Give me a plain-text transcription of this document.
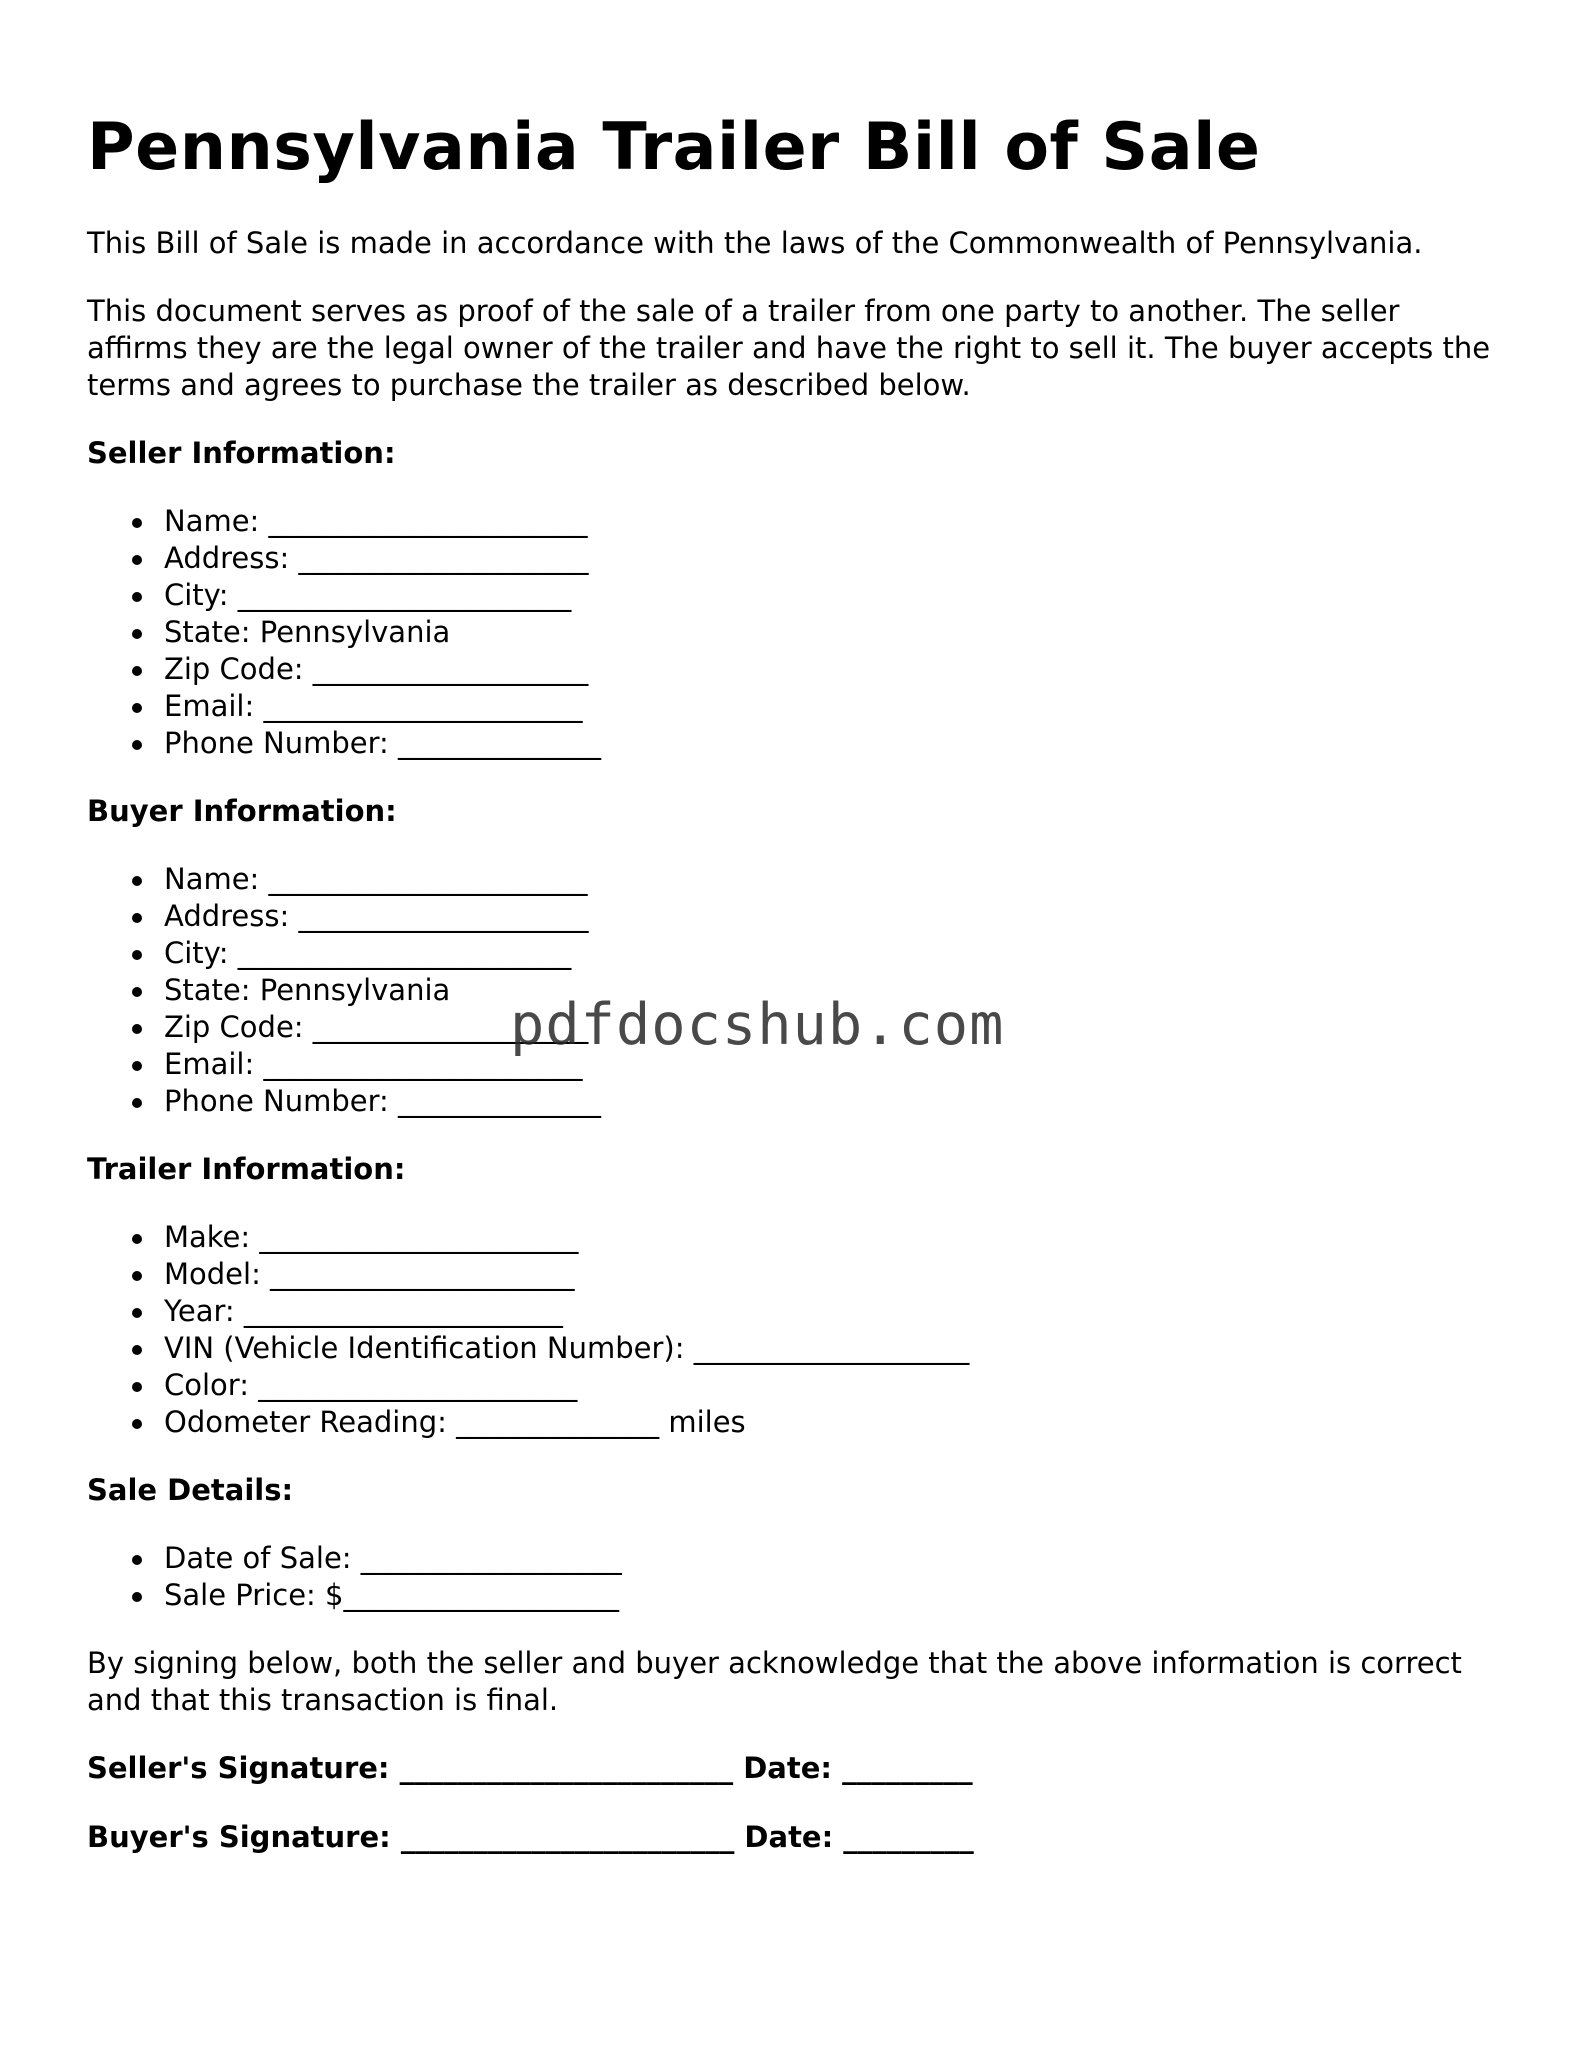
Pennsylvania Trailer Bill of Sale

This Bill of Sale is made in accordance with the laws of the Commonwealth of Pennsylvania.

This document serves as proof of the sale of a trailer from one party to another. The seller affirms they are the legal owner of the trailer and have the right to sell it. The buyer accepts the terms and agrees to purchase the trailer as described below.

Seller Information:
Name: ______________________
Address: ____________________
City: _______________________
State: Pennsylvania
Zip Code: ___________________
Email: ______________________
Phone Number: ______________
Buyer Information:
Name: ______________________
Address: ____________________
City: _______________________
State: Pennsylvania
Zip Code: ___________________
Email: ______________________
Phone Number: ______________
Trailer Information:
Make: ______________________
Model: _____________________
Year: ______________________
VIN (Vehicle Identification Number): ___________________
Color: ______________________
Odometer Reading: ______________ miles
Sale Details:
Date of Sale: __________________
Sale Price: $___________________

By signing below, both the seller and buyer acknowledge that the above information is correct and that this transaction is final.

Seller's Signature: _______________________ Date: _________
Buyer's Signature: _______________________ Date: _________
pdfdocshub.com
